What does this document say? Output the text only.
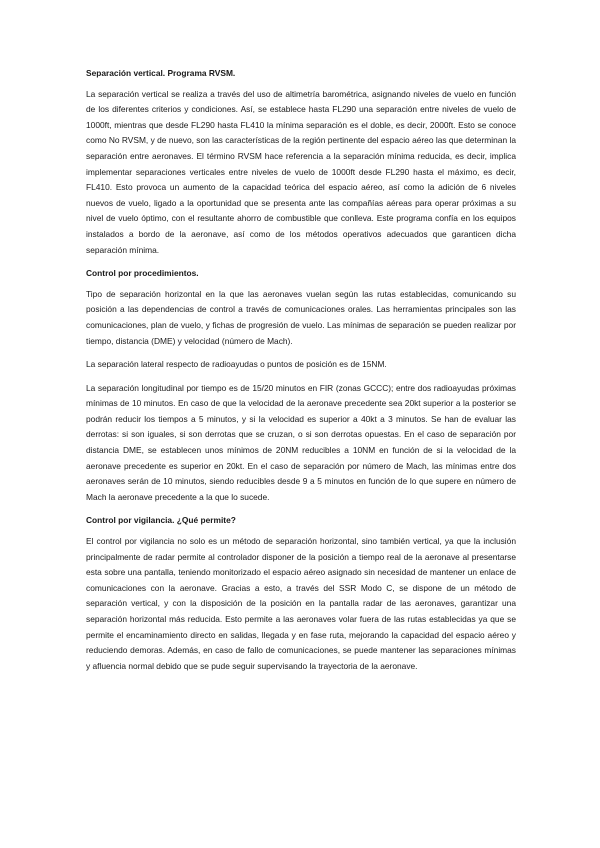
Separación vertical. Programa RVSM.
La separación vertical se realiza a través del uso de altimetría barométrica, asignando niveles de vuelo en función de los diferentes criterios y condiciones. Así, se establece hasta FL290 una separación entre niveles de vuelo de 1000ft, mientras que desde FL290 hasta FL410 la mínima separación es el doble, es decir, 2000ft. Esto se conoce como No RVSM, y de nuevo, son las características de la región pertinente del espacio aéreo las que determinan la separación entre aeronaves. El término RVSM hace referencia a la separación mínima reducida, es decir, implica implementar separaciones verticales entre niveles de vuelo de 1000ft desde FL290 hasta el máximo, es decir, FL410. Esto provoca un aumento de la capacidad teórica del espacio aéreo, así como la adición de 6 niveles nuevos de vuelo, ligado a la oportunidad que se presenta ante las compañías aéreas para operar próximas a su nivel de vuelo óptimo, con el resultante ahorro de combustible que conlleva. Este programa confía en los equipos instalados a bordo de la aeronave, así como de los métodos operativos adecuados que garanticen dicha separación mínima.
Control por procedimientos.
Tipo de separación horizontal en la que las aeronaves vuelan según las rutas establecidas, comunicando su posición a las dependencias de control a través de comunicaciones orales. Las herramientas principales son las comunicaciones, plan de vuelo, y fichas de progresión de vuelo. Las mínimas de separación se pueden realizar por tiempo, distancia (DME) y velocidad (número de Mach).
La separación lateral respecto de radioayudas o puntos de posición es de 15NM.
La separación longitudinal por tiempo es de 15/20 minutos en FIR (zonas GCCC); entre dos radioayudas próximas mínimas de 10 minutos. En caso de que la velocidad de la aeronave precedente sea 20kt superior a la posterior se podrán reducir los tiempos a 5 minutos, y si la velocidad es superior a 40kt a 3 minutos. Se han de evaluar las derrotas: si son iguales, si son derrotas que se cruzan, o si son derrotas opuestas. En el caso de separación por distancia DME, se establecen unos mínimos de 20NM reducibles a 10NM en función de si la velocidad de la aeronave precedente es superior en 20kt. En el caso de separación por número de Mach, las mínimas entre dos aeronaves serán de 10 minutos, siendo reducibles desde 9 a 5 minutos en función de lo que supere en número de Mach la aeronave precedente a la que lo sucede.
Control por vigilancia. ¿Qué permite?
El control por vigilancia no solo es un método de separación horizontal, sino también vertical, ya que la inclusión principalmente de radar permite al controlador disponer de la posición a tiempo real de la aeronave al presentarse esta sobre una pantalla, teniendo monitorizado el espacio aéreo asignado sin necesidad de mantener un enlace de comunicaciones con la aeronave. Gracias a esto, a través del SSR Modo C, se dispone de un método de separación vertical, y con la disposición de la posición en la pantalla radar de las aeronaves, garantizar una separación horizontal más reducida. Esto permite a las aeronaves volar fuera de las rutas establecidas ya que se permite el encaminamiento directo en salidas, llegada y en fase ruta, mejorando la capacidad del espacio aéreo y reduciendo demoras. Además, en caso de fallo de comunicaciones, se puede mantener las separaciones mínimas y afluencia normal debido que se pude seguir supervisando la trayectoria de la aeronave.
